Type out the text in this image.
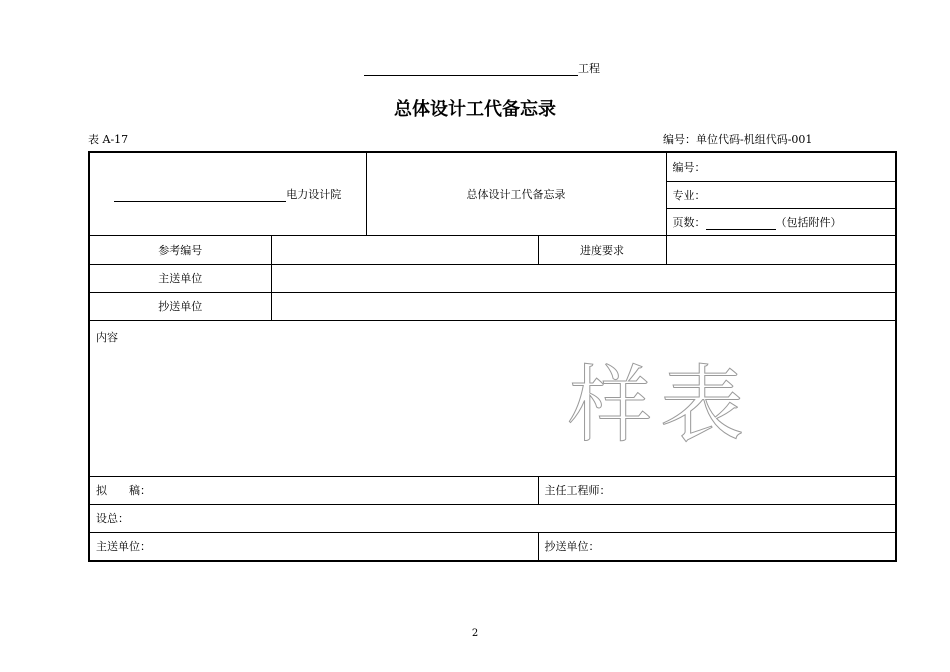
工程
总体设计工代备忘录
表 A-17	编号：单位代码-机组代码-001
电力设计院		总体设计工代备忘录		编号：
				专业：
				页数： （包括附件）
参考编号			进度要求	
主送单位				
抄送单位				
内容				
拟　　稿：			主任工程师：	
设总：				
主送单位：			抄送单位：	
样表
2
